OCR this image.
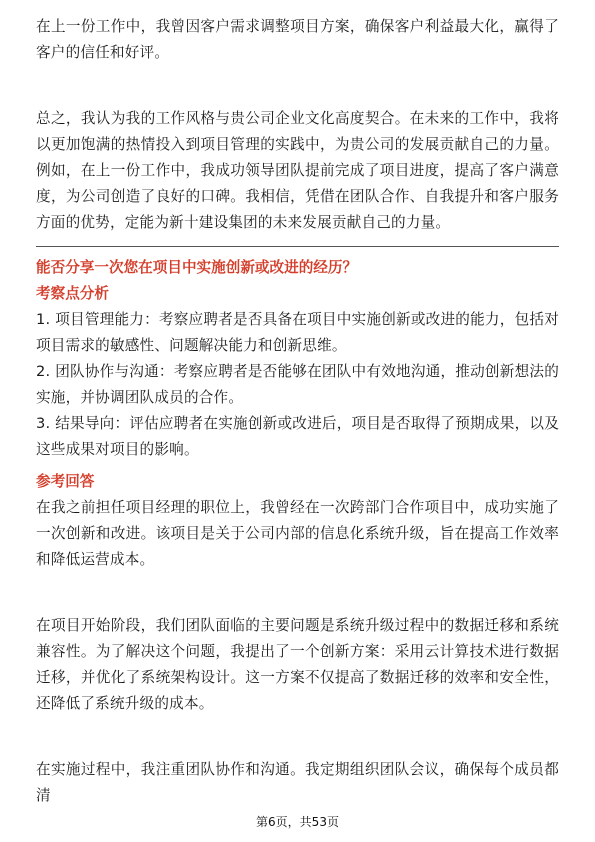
在上一份工作中，我曾因客户需求调整项目方案，确保客户利益最大化，赢得了客户的信任和好评。

总之，我认为我的工作风格与贵公司企业文化高度契合。在未来的工作中，我将以更加饱满的热情投入到项目管理的实践中，为贵公司的发展贡献自己的力量。例如，在上一份工作中，我成功领导团队提前完成了项目进度，提高了客户满意度，为公司创造了良好的口碑。我相信，凭借在团队合作、自我提升和客户服务方面的优势，定能为新十建设集团的未来发展贡献自己的力量。

能否分享一次您在项目中实施创新或改进的经历？

考察点分析

1. 项目管理能力：考察应聘者是否具备在项目中实施创新或改进的能力，包括对项目需求的敏感性、问题解决能力和创新思维。

2. 团队协作与沟通：考察应聘者是否能够在团队中有效地沟通，推动创新想法的实施，并协调团队成员的合作。

3. 结果导向：评估应聘者在实施创新或改进后，项目是否取得了预期成果，以及这些成果对项目的影响。

参考回答

在我之前担任项目经理的职位上，我曾经在一次跨部门合作项目中，成功实施了一次创新和改进。该项目是关于公司内部的信息化系统升级，旨在提高工作效率和降低运营成本。

在项目开始阶段，我们团队面临的主要问题是系统升级过程中的数据迁移和系统兼容性。为了解决这个问题，我提出了一个创新方案：采用云计算技术进行数据迁移，并优化了系统架构设计。这一方案不仅提高了数据迁移的效率和安全性，还降低了系统升级的成本。

在实施过程中，我注重团队协作和沟通。我定期组织团队会议，确保每个成员都清

第6页，共53页
